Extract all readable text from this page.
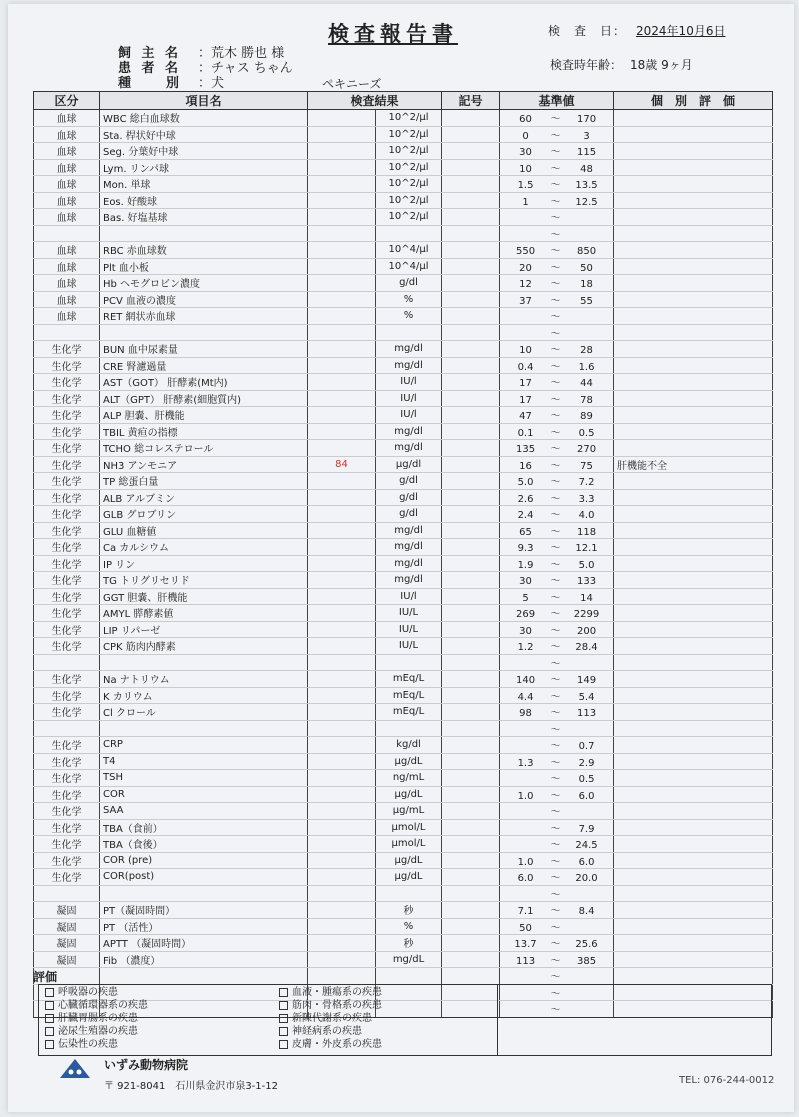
検査報告書	検　査　日： 2024年10月6日
検査時年齢： 18歳 9ヶ月
飼 主 名	：荒木 勝也 様
患 者 名	：チャス ちゃん
種　　別	：犬	ペキニーズ
区分	項目名	検査結果		記号	基準値	個　別　評　価
血球	WBC 総白血球数		10^2/μl		60 ～ 170	
血球	Sta. 桿状好中球		10^2/μl		0 ～ 3	
血球	Seg. 分葉好中球		10^2/μl		30 ～ 115	
血球	Lym. リンパ球		10^2/μl		10 ～ 48	
血球	Mon. 単球		10^2/μl		1.5 ～ 13.5	
血球	Eos. 好酸球		10^2/μl		1 ～ 12.5	
血球	Bas. 好塩基球		10^2/μl		～	
					～	
血球	RBC 赤血球数		10^4/μl		550 ～ 850	
血球	Plt 血小板		10^4/μl		20 ～ 50	
血球	Hb ヘモグロビン濃度		g/dl		12 ～ 18	
血球	PCV 血液の濃度		%		37 ～ 55	
血球	RET 網状赤血球		%		～	
					～	
生化学	BUN 血中尿素量		mg/dl		10 ～ 28	
生化学	CRE 腎濾過量		mg/dl		0.4 ～ 1.6	
生化学	AST（GOT） 肝酵素(Mt内)		IU/l		17 ～ 44	
生化学	ALT（GPT） 肝酵素(細胞質内)		IU/l		17 ～ 78	
生化学	ALP 胆嚢、肝機能		IU/l		47 ～ 89	
生化学	TBIL 黄疸の指標		mg/dl		0.1 ～ 0.5	
生化学	TCHO 総コレステロール		mg/dl		135 ～ 270	
生化学	NH3 アンモニア	84	μg/dl		16 ～ 75	肝機能不全
生化学	TP 総蛋白量		g/dl		5.0 ～ 7.2	
生化学	ALB アルブミン		g/dl		2.6 ～ 3.3	
生化学	GLB グロブリン		g/dl		2.4 ～ 4.0	
生化学	GLU 血糖値		mg/dl		65 ～ 118	
生化学	Ca カルシウム		mg/dl		9.3 ～ 12.1	
生化学	IP リン		mg/dl		1.9 ～ 5.0	
生化学	TG トリグリセリド		mg/dl		30 ～ 133	
生化学	GGT 胆嚢、肝機能		IU/l		5 ～ 14	
生化学	AMYL 膵酵素値		IU/L		269 ～ 2299	
生化学	LIP リパーゼ		IU/L		30 ～ 200	
生化学	CPK 筋肉内酵素		IU/L		1.2 ～ 28.4	
					～	
生化学	Na ナトリウム		mEq/L		140 ～ 149	
生化学	K カリウム		mEq/L		4.4 ～ 5.4	
生化学	Cl クロール		mEq/L		98 ～ 113	
					～	
生化学	CRP		kg/dl		～ 0.7	
生化学	T4		μg/dL		1.3 ～ 2.9	
生化学	TSH		ng/mL		～ 0.5	
生化学	COR		μg/dL		1.0 ～ 6.0	
生化学	SAA		μg/mL		～	
生化学	TBA（食前）		μmol/L		～ 7.9	
生化学	TBA（食後）		μmol/L		～ 24.5	
生化学	COR (pre)		μg/dL		1.0 ～ 6.0	
生化学	COR(post)		μg/dL		6.0 ～ 20.0	
					～	
凝固	PT（凝固時間）		秒		7.1 ～ 8.4	
凝固	PT （活性）		%		50 ～	
凝固	APTT （凝固時間）		秒		13.7 ～ 25.6	
凝固	Fib （濃度）		mg/dL		113 ～ 385	
					～	
					～	
					～	
評価
呼吸器の疾患
心臓循環器系の疾患
肝臓胃腸系の疾患
泌尿生殖器の疾患
伝染性の疾患
血液・腫瘍系の疾患
筋肉・骨格系の疾患
新陳代謝系の疾患
神経病系の疾患
皮膚・外皮系の疾患
いずみ動物病院
〒 921-8041　石川県金沢市泉3-1-12
TEL: 076-244-0012
